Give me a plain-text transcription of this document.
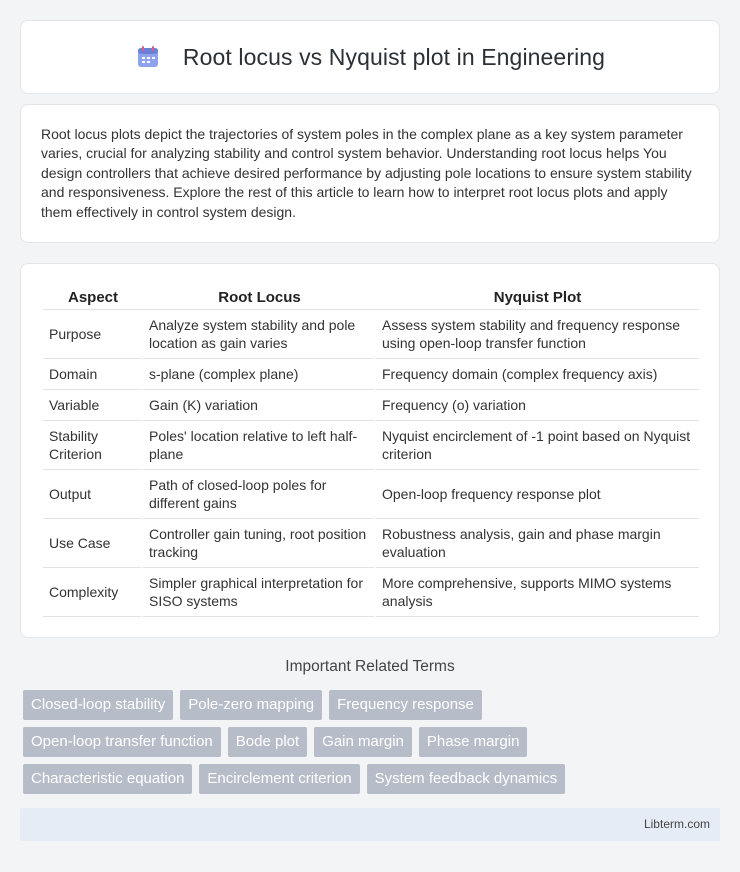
Root locus vs Nyquist plot in Engineering

Root locus plots depict the trajectories of system poles in the complex plane as a key system parameter varies, crucial for analyzing stability and control system behavior. Understanding root locus helps You design controllers that achieve desired performance by adjusting pole locations to ensure system stability and responsiveness. Explore the rest of this article to learn how to interpret root locus plots and apply them effectively in control system design.

Aspect	Root Locus	Nyquist Plot
Purpose	Analyze system stability and pole location as gain varies	Assess system stability and frequency response using open-loop transfer function
Domain	s-plane (complex plane)	Frequency domain (complex frequency axis)
Variable	Gain (K) variation	Frequency (o) variation
Stability Criterion	Poles' location relative to left half-plane	Nyquist encirclement of -1 point based on Nyquist criterion
Output	Path of closed-loop poles for different gains	Open-loop frequency response plot
Use Case	Controller gain tuning, root position tracking	Robustness analysis, gain and phase margin evaluation
Complexity	Simpler graphical interpretation for SISO systems	More comprehensive, supports MIMO systems analysis
Important Related Terms
Closed-loop stability	Pole-zero mapping	Frequency response
Open-loop transfer function	Bode plot	Gain margin	Phase margin
Characteristic equation	Encirclement criterion	System feedback dynamics
Libterm.com
